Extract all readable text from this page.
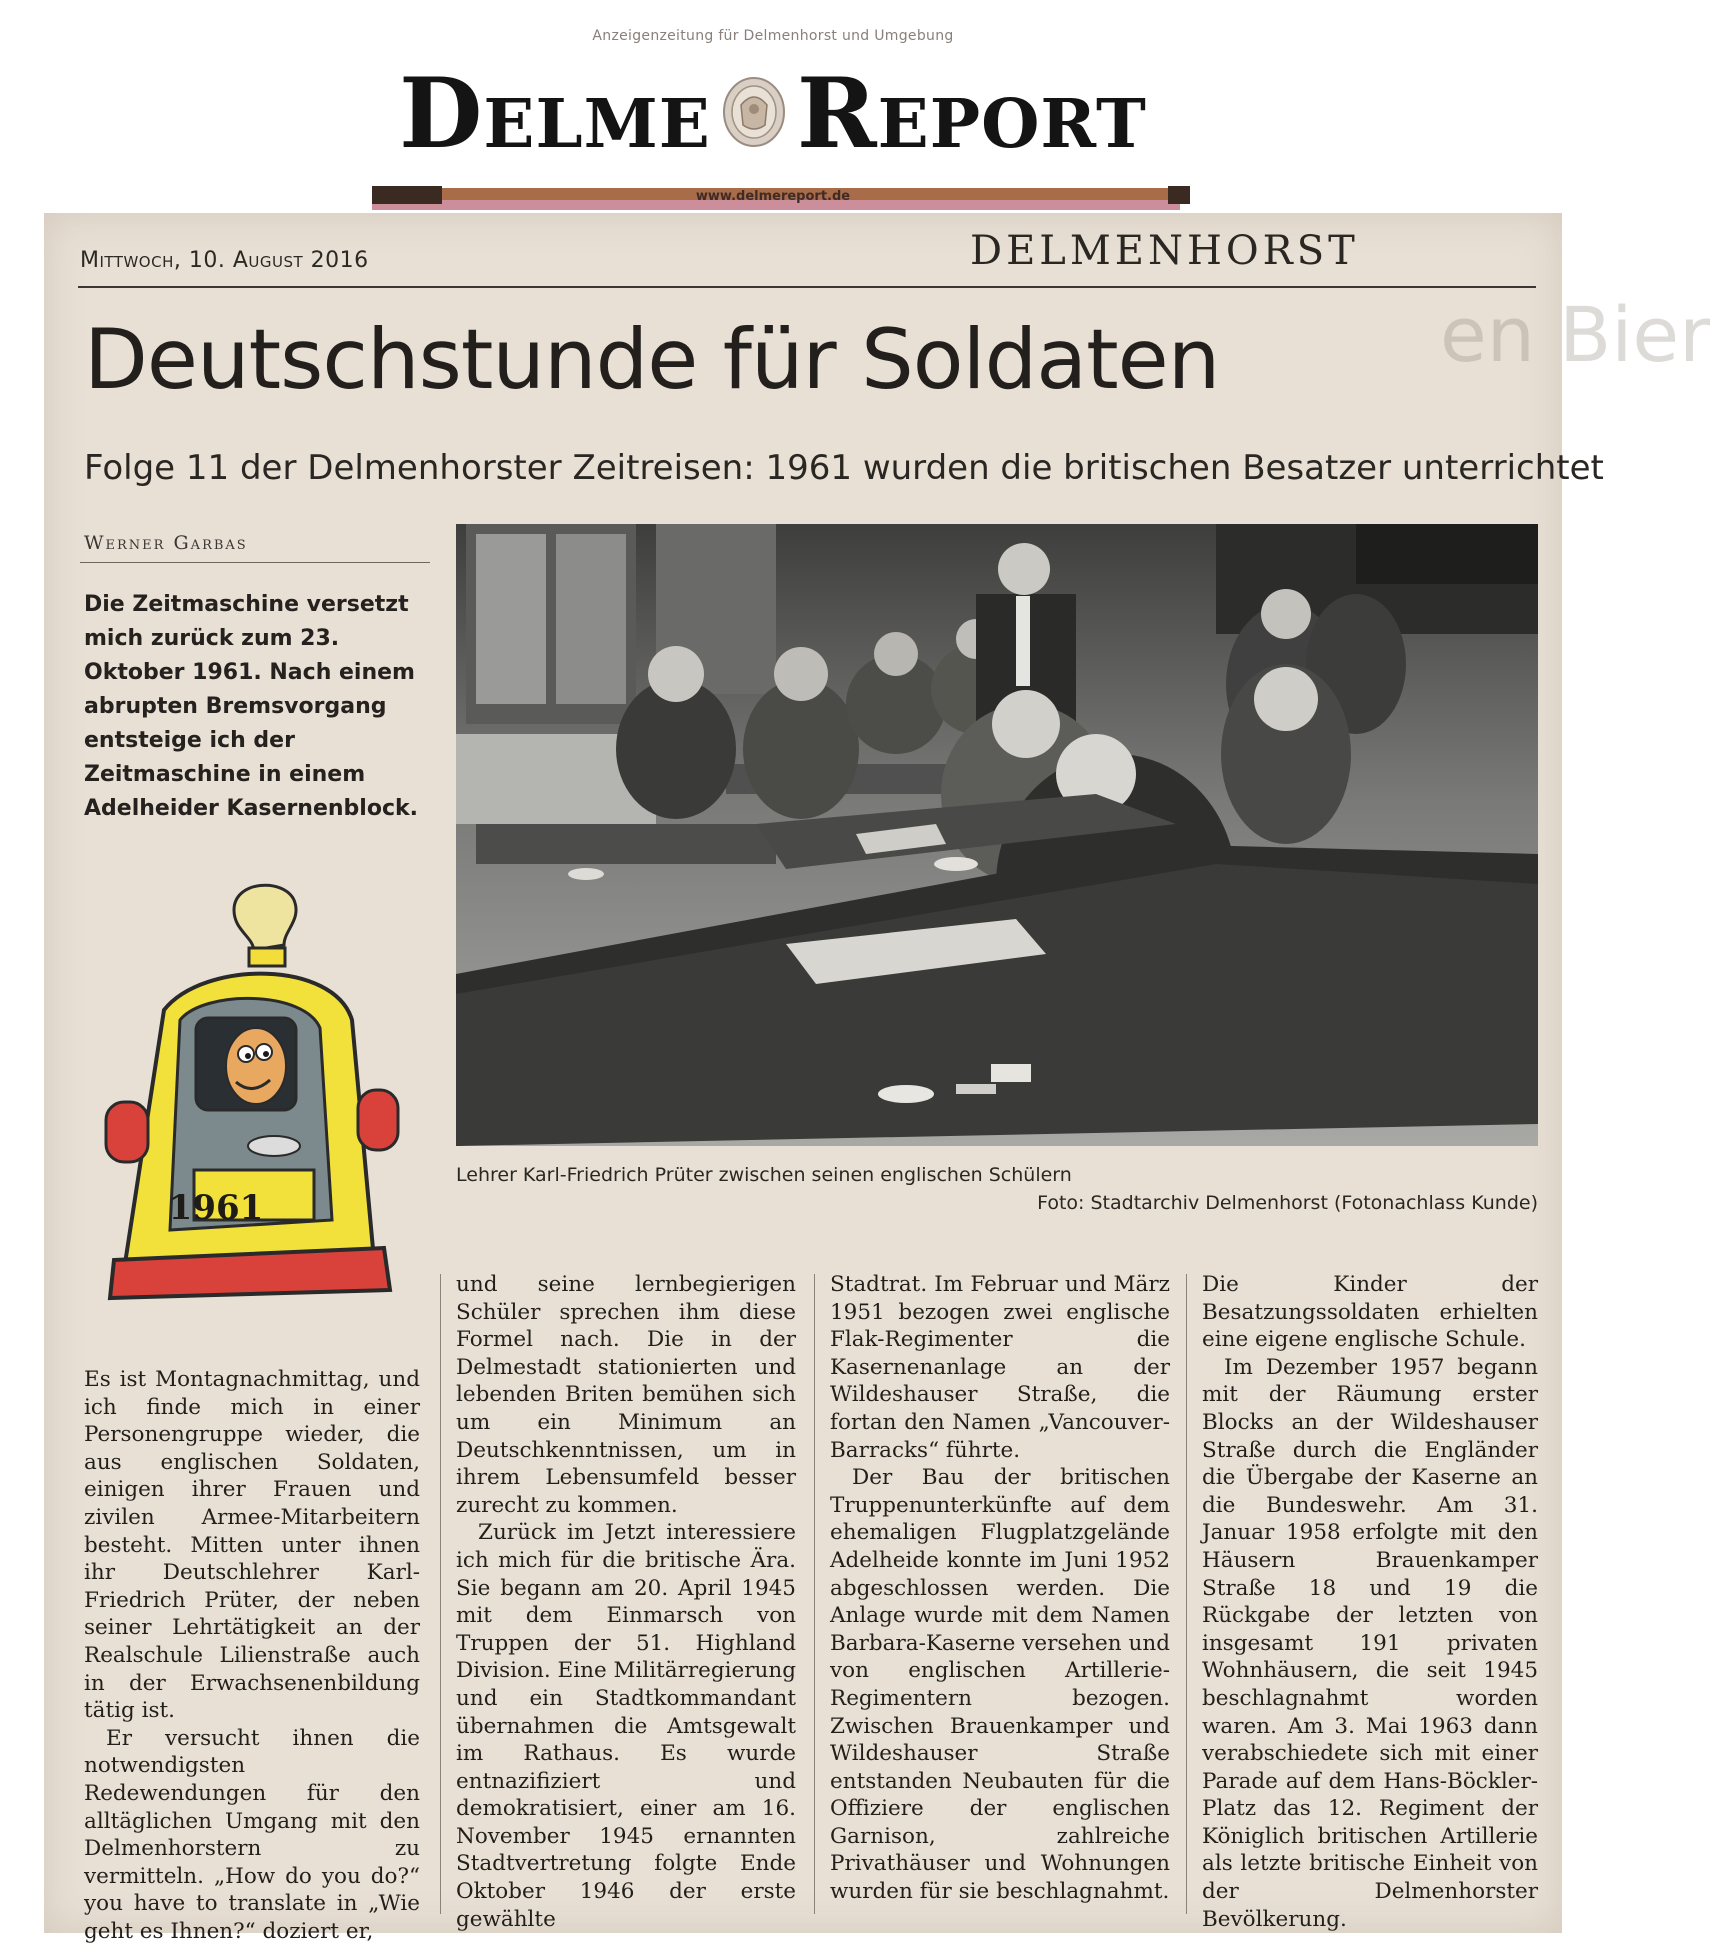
Anzeigenzeitung für Delmenhorst und Umgebung
Delme Report
www.delmereport.de
Mittwoch, 10. August 2016	DELMENHORST
en Bier
Deutschstunde für Soldaten
Folge 11 der Delmenhorster Zeitreisen: 1961 wurden die britischen Besatzer unterrichtet
Werner Garbas

Die Zeitmaschine versetzt mich zurück zum 23. Oktober 1961. Nach einem abrupten Bremsvorgang entsteige ich der Zeitmaschine in einem Adelheider Kasernenblock.

Lehrer Karl-Friedrich Prüter zwischen seinen englischen Schülern
Foto: Stadtarchiv Delmenhorst (Fotonachlass Kunde)
1961

Es ist Montagnachmittag, und ich finde mich in einer Personengruppe wieder, die aus englischen Soldaten, einigen ihrer Frauen und zivilen Armee-Mitarbeitern besteht. Mitten unter ihnen ihr Deutschlehrer Karl-Friedrich Prüter, der neben seiner Lehrtätigkeit an der Realschule Lilienstraße auch in der Erwachsenenbildung tätig ist.

Er versucht ihnen die notwendigsten Redewendungen für den alltäglichen Umgang mit den Delmenhorstern zu vermitteln. „How do you do?“ you have to translate in „Wie geht es Ihnen?“ doziert er,

und seine lernbegierigen Schüler sprechen ihm diese Formel nach. Die in der Delmestadt stationierten und lebenden Briten bemühen sich um ein Minimum an Deutschkenntnissen, um in ihrem Lebensumfeld besser zurecht zu kommen.

Zurück im Jetzt interessiere ich mich für die britische Ära. Sie begann am 20. April 1945 mit dem Einmarsch von Truppen der 51. Highland Division. Eine Militärregierung und ein Stadtkommandant übernahmen die Amtsgewalt im Rathaus. Es wurde entnazifiziert und demokratisiert, einer am 16. November 1945 ernannten Stadtvertretung folgte Ende Oktober 1946 der erste gewählte

Stadtrat. Im Februar und März 1951 bezogen zwei englische Flak-Regimenter die Kasernenanlage an der Wildeshauser Straße, die fortan den Namen „Vancouver-Barracks“ führte.

Der Bau der britischen Truppenunterkünfte auf dem ehemaligen Flugplatzgelände Adelheide konnte im Juni 1952 abgeschlossen werden. Die Anlage wurde mit dem Namen Barbara-Kaserne versehen und von englischen Artillerie-Regimentern bezogen. Zwischen Brauenkamper und Wildeshauser Straße entstanden Neubauten für die Offiziere der englischen Garnison, zahlreiche Privathäuser und Wohnungen wurden für sie beschlagnahmt.

Die Kinder der Besatzungssoldaten erhielten eine eigene englische Schule.

Im Dezember 1957 begann mit der Räumung erster Blocks an der Wildeshauser Straße durch die Engländer die Übergabe der Kaserne an die Bundeswehr. Am 31. Januar 1958 erfolgte mit den Häusern Brauenkamper Straße 18 und 19 die Rückgabe der letzten von insgesamt 191 privaten Wohnhäusern, die seit 1945 beschlagnahmt worden waren. Am 3. Mai 1963 dann verabschiedete sich mit einer Parade auf dem Hans-Böckler-Platz das 12. Regiment der Königlich britischen Artillerie als letzte britische Einheit von der Delmenhorster Bevölkerung.
